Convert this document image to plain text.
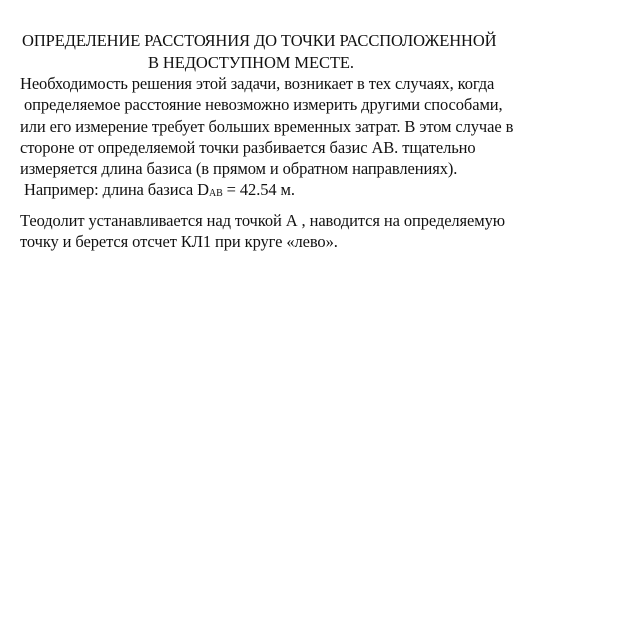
ОПРЕДЕЛЕНИЕ РАССТОЯНИЯ ДО ТОЧКИ РАССПОЛОЖЕННОЙ
В НЕДОСТУПНОМ МЕСТЕ.
Необходимость решения этой задачи, возникает в тех случаях, когда
определяемое расстояние невозможно измерить другими способами,
или его измерение требует больших временных затрат. В этом случае в
стороне от определяемой точки разбивается базис АВ. тщательно
измеряется длина базиса (в прямом и обратном направлениях).
Например: длина базиса DAB = 42.54 м.
Теодолит устанавливается над точкой А , наводится на определяемую
точку и берется отсчет КЛ1 при круге «лево».
